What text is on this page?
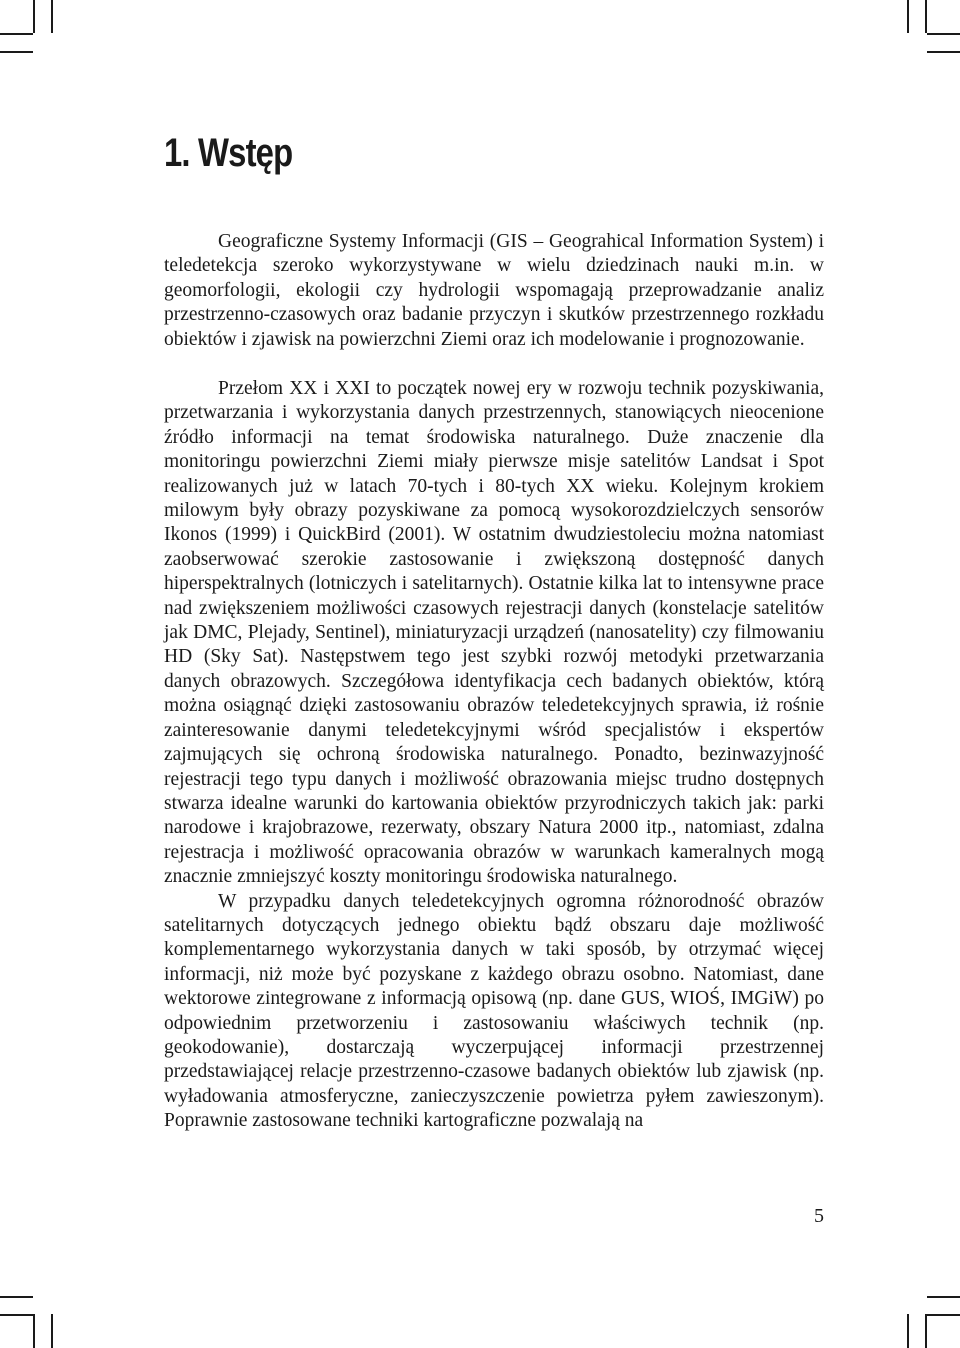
1. Wstęp

Geograficzne Systemy Informacji (GIS – Geograhical Information System) i teledetekcja szeroko wykorzystywane w wielu dziedzinach nauki m.in. w geomorfologii, ekologii czy hydrologii wspomagają przeprowadzanie analiz przestrzenno-czasowych oraz badanie przyczyn i skutków przestrzennego rozkładu obiektów i zjawisk na powierzchni Ziemi oraz ich modelowanie i prognozowanie.

Przełom XX i XXI to początek nowej ery w rozwoju technik pozyskiwania, przetwarzania i wykorzystania danych przestrzennych, stanowiących nieocenione źródło informacji na temat środowiska naturalnego. Duże znaczenie dla monitoringu powierzchni Ziemi miały pierwsze misje satelitów Landsat i Spot realizowanych już w latach 70-tych i 80-tych XX wieku. Kolejnym krokiem milowym były obrazy pozyskiwane za pomocą wysokorozdzielczych sensorów Ikonos (1999) i QuickBird (2001). W ostatnim dwudziestoleciu można natomiast zaobserwować szerokie zastosowanie i zwiększoną dostępność danych hiperspektralnych (lotniczych i satelitarnych). Ostatnie kilka lat to intensywne prace nad zwiększeniem możliwości czasowych rejestracji danych (konstelacje satelitów jak DMC, Plejady, Sentinel), miniaturyzacji urządzeń (nanosatelity) czy filmowaniu HD (Sky Sat). Następstwem tego jest szybki rozwój metodyki przetwarzania danych obrazowych. Szczegółowa identyfikacja cech badanych obiektów, którą można osiągnąć dzięki zastosowaniu obrazów teledetekcyjnych sprawia, iż rośnie zainteresowanie danymi teledetekcyjnymi wśród specjalistów i ekspertów zajmujących się ochroną środowiska naturalnego. Ponadto, bezinwazyjność rejestracji tego typu danych i możliwość obrazowania miejsc trudno dostępnych stwarza idealne warunki do kartowania obiektów przyrodniczych takich jak: parki narodowe i krajobrazowe, rezerwaty, obszary Natura 2000 itp., natomiast, zdalna rejestracja i możliwość opracowania obrazów w warunkach kameralnych mogą znacznie zmniejszyć koszty monitoringu środowiska naturalnego.

W przypadku danych teledetekcyjnych ogromna różnorodność obrazów satelitarnych dotyczących jednego obiektu bądź obszaru daje możliwość komplementarnego wykorzystania danych w taki sposób, by otrzymać więcej informacji, niż może być pozyskane z każdego obrazu osobno. Natomiast, dane wektorowe zintegrowane z informacją opisową (np. dane GUS, WIOŚ, IMGiW) po odpowiednim przetworzeniu i zastosowaniu właściwych technik (np. geokodowanie), dostarczają wyczerpującej informacji przestrzennej przedstawiającej relacje przestrzenno-czasowe badanych obiektów lub zjawisk (np. wyładowania atmosferyczne, zanieczyszczenie powietrza pyłem zawieszonym). Poprawnie zastosowane techniki kartograficzne pozwalają na

5
